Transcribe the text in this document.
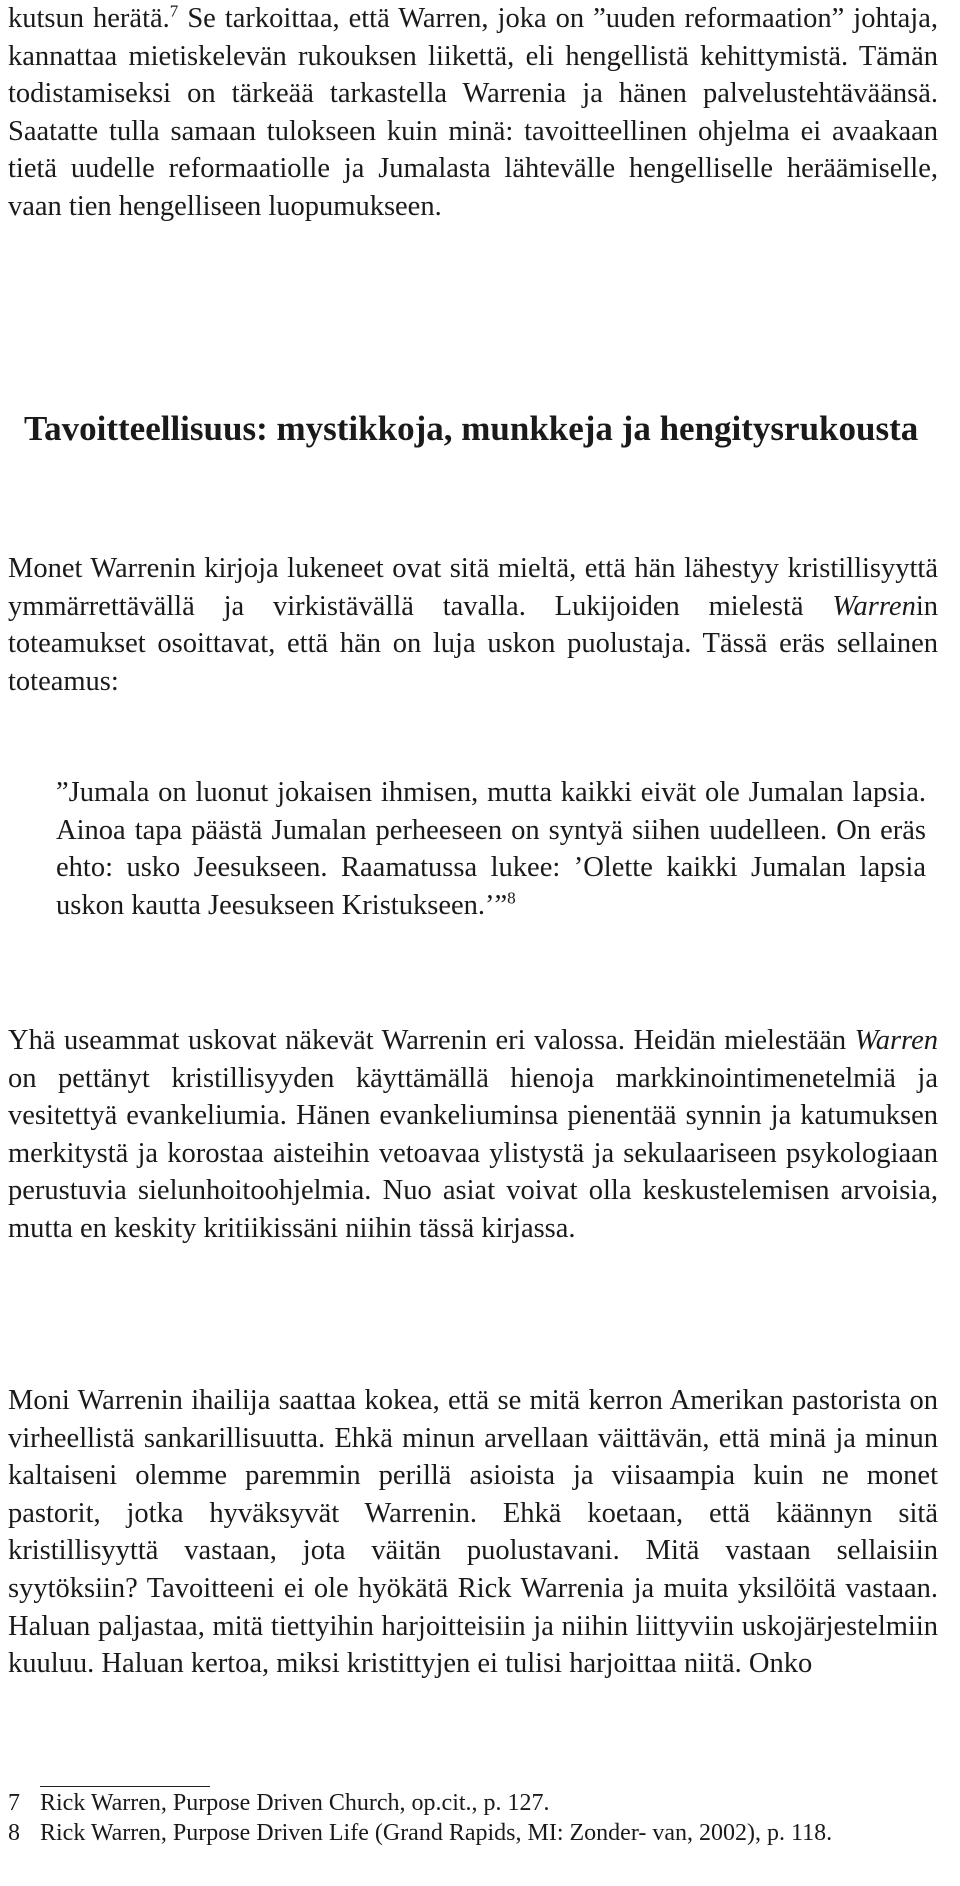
kutsun herätä.$^7$ Se tarkoittaa, että Warren, joka on ”uuden reformaation” johtaja, kannattaa mietiskelevän rukouksen liikettä, eli hengellistä kehittymistä. Tämän todistamiseksi on tärkeää tarkastella Warrenia ja hänen palvelustehtäväänsä. Saatatte tulla samaan tulokseen kuin minä: tavoitteellinen ohjelma ei avaakaan tietä uudelle reformaatiolle ja Jumalasta lähtevälle hengelliselle heräämiselle, vaan tien hengelliseen luopumukseen.

Tavoitteellisuus: mystikkoja, munkkeja ja hengitysrukousta

Monet Warrenin kirjoja lukeneet ovat sitä mieltä, että hän lähestyy kristillisyyttä ymmärrettävällä ja virkistävällä tavalla. Lukijoiden mielestä Warrenin toteamukset osoittavat, että hän on luja uskon puolustaja. Tässä eräs sellainen toteamus:

”Jumala on luonut jokaisen ihmisen, mutta kaikki eivät ole Jumalan lapsia. Ainoa tapa päästä Jumalan perheeseen on syntyä siihen uudelleen. On eräs ehto: usko Jeesukseen. Raamatussa lukee: ’Olette kaikki Jumalan lapsia uskon kautta Jeesukseen Kristukseen.’”$^8$

Yhä useammat uskovat näkevät Warrenin eri valossa. Heidän mielestään Warren on pettänyt kristillisyyden käyttämällä hienoja markkinointimenetelmiä ja vesitettyä evankeliumia. Hänen evankeliuminsa pienentää synnin ja katumuksen merkitystä ja korostaa aisteihin vetoavaa ylistystä ja sekulaariseen psykologiaan perustuvia sielunhoitoohjelmia. Nuo asiat voivat olla keskustelemisen arvoisia, mutta en keskity kritiikissäni niihin tässä kirjassa.

Moni Warrenin ihailija saattaa kokea, että se mitä kerron Amerikan pastorista on virheellistä sankarillisuutta. Ehkä minun arvellaan väittävän, että minä ja minun kaltaiseni olemme paremmin perillä asioista ja viisaampia kuin ne monet pastorit, jotka hyväksyvät Warrenin. Ehkä koetaan, että käännyn sitä kristillisyyttä vastaan, jota väitän puolustavani. Mitä vastaan sellaisiin syytöksiin? Tavoitteeni ei ole hyökätä Rick Warrenia ja muita yksilöitä vastaan. Haluan paljastaa, mitä tiettyihin harjoitteisiin ja niihin liittyviin uskojärjestelmiin kuuluu. Haluan kertoa, miksi kristittyjen ei tulisi harjoittaa niitä. Onko

7 Rick Warren, Purpose Driven Church, op.cit., p. 127.
8 Rick Warren, Purpose Driven Life (Grand Rapids, MI: Zonder- van, 2002), p. 118.
